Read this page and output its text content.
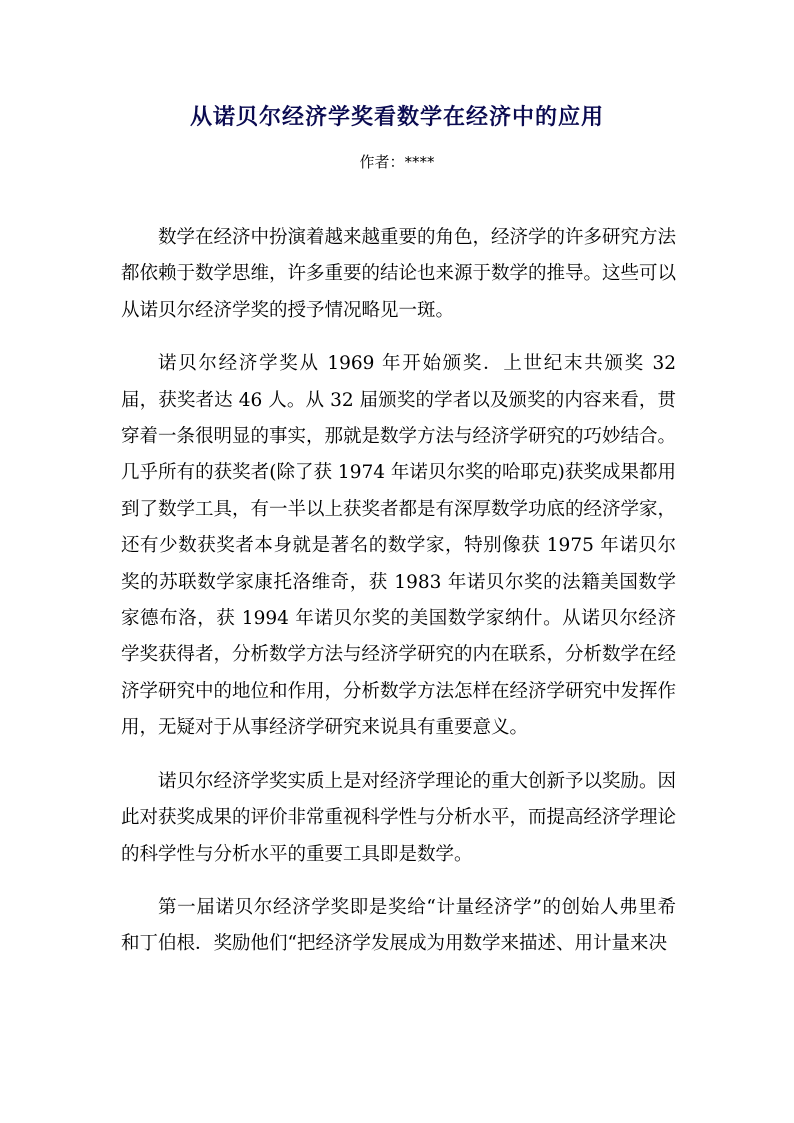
从诺贝尔经济学奖看数学在经济中的应用
作者：****

数学在经济中扮演着越来越重要的角色，经济学的许多研究方法都依赖于数学思维，许多重要的结论也来源于数学的推导。这些可以从诺贝尔经济学奖的授予情况略见一斑。

诺贝尔经济学奖从 1969 年开始颁奖．上世纪末共颁奖 32 届，获奖者达 46 人。从 32 届颁奖的学者以及颁奖的内容来看，贯穿着一条很明显的事实，那就是数学方法与经济学研究的巧妙结合。几乎所有的获奖者(除了获 1974 年诺贝尔奖的哈耶克)获奖成果都用到了数学工具，有一半以上获奖者都是有深厚数学功底的经济学家，还有少数获奖者本身就是著名的数学家，特别像获 1975 年诺贝尔奖的苏联数学家康托洛维奇，获 1983 年诺贝尔奖的法籍美国数学家德布洛，获 1994 年诺贝尔奖的美国数学家纳什。从诺贝尔经济学奖获得者，分析数学方法与经济学研究的内在联系，分析数学在经济学研究中的地位和作用，分析数学方法怎样在经济学研究中发挥作用，无疑对于从事经济学研究来说具有重要意义。

诺贝尔经济学奖实质上是对经济学理论的重大创新予以奖励。因此对获奖成果的评价非常重视科学性与分析水平，而提高经济学理论的科学性与分析水平的重要工具即是数学。

第一届诺贝尔经济学奖即是奖给“计量经济学”的创始人弗里希和丁伯根．奖励他们“把经济学发展成为用数学来描述、用计量来决
